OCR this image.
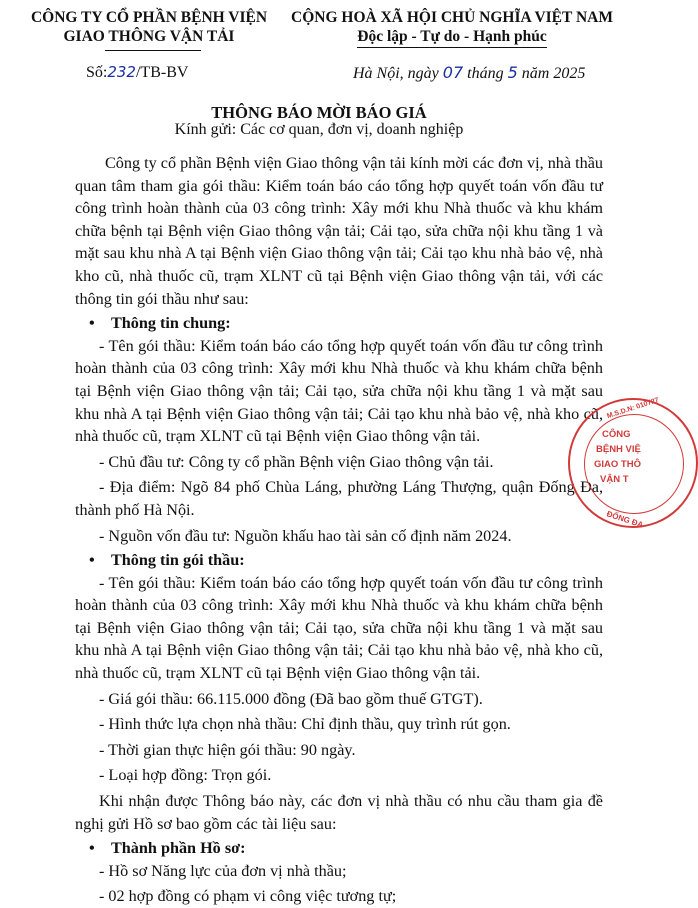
CÔNG TY CỔ PHẦN BỆNH VIỆN
GIAO THÔNG VẬN TẢI
CỘNG HOÀ XÃ HỘI CHỦ NGHĨA VIỆT NAM
Độc lập - Tự do - Hạnh phúc
Số:232/TB-BV	Hà Nội, ngày 07 tháng 5 năm 2025
THÔNG BÁO MỜI BÁO GIÁ
Kính gửi: Các cơ quan, đơn vị, doanh nghiệp

Công ty cổ phần Bệnh viện Giao thông vận tải kính mời các đơn vị, nhà thầu quan tâm tham gia gói thầu: Kiểm toán báo cáo tổng hợp quyết toán vốn đầu tư công trình hoàn thành của 03 công trình: Xây mới khu Nhà thuốc và khu khám chữa bệnh tại Bệnh viện Giao thông vận tải; Cải tạo, sửa chữa nội khu tầng 1 và mặt sau khu nhà A tại Bệnh viện Giao thông vận tải; Cải tạo khu nhà bảo vệ, nhà kho cũ, nhà thuốc cũ, trạm XLNT cũ tại Bệnh viện Giao thông vận tải, với các thông tin gói thầu như sau:

• Thông tin chung:

- Tên gói thầu: Kiểm toán báo cáo tổng hợp quyết toán vốn đầu tư công trình hoàn thành của 03 công trình: Xây mới khu Nhà thuốc và khu khám chữa bệnh tại Bệnh viện Giao thông vận tải; Cải tạo, sửa chữa nội khu tầng 1 và mặt sau khu nhà A tại Bệnh viện Giao thông vận tải; Cải tạo khu nhà bảo vệ, nhà kho cũ, nhà thuốc cũ, trạm XLNT cũ tại Bệnh viện Giao thông vận tải.

- Chủ đầu tư: Công ty cổ phần Bệnh viện Giao thông vận tải.

- Địa điểm: Ngõ 84 phố Chùa Láng, phường Láng Thượng, quận Đống Đa, thành phố Hà Nội.

- Nguồn vốn đầu tư: Nguồn khấu hao tài sản cố định năm 2024.

• Thông tin gói thầu:

- Tên gói thầu: Kiểm toán báo cáo tổng hợp quyết toán vốn đầu tư công trình hoàn thành của 03 công trình: Xây mới khu Nhà thuốc và khu khám chữa bệnh tại Bệnh viện Giao thông vận tải; Cải tạo, sửa chữa nội khu tầng 1 và mặt sau khu nhà A tại Bệnh viện Giao thông vận tải; Cải tạo khu nhà bảo vệ, nhà kho cũ, nhà thuốc cũ, trạm XLNT cũ tại Bệnh viện Giao thông vận tải.

- Giá gói thầu: 66.115.000 đồng (Đã bao gồm thuế GTGT).

- Hình thức lựa chọn nhà thầu: Chỉ định thầu, quy trình rút gọn.

- Thời gian thực hiện gói thầu: 90 ngày.

- Loại hợp đồng: Trọn gói.

Khi nhận được Thông báo này, các đơn vị nhà thầu có nhu cầu tham gia đề nghị gửi Hồ sơ bao gồm các tài liệu sau:

• Thành phần Hồ sơ:

- Hồ sơ Năng lực của đơn vị nhà thầu;

- 02 hợp đồng có phạm vi công việc tương tự;

M.S.D.N: 010727
CÔNG
BỆNH VIỆ
GIAO THÔ
VẬN T
ĐỐNG ĐA
